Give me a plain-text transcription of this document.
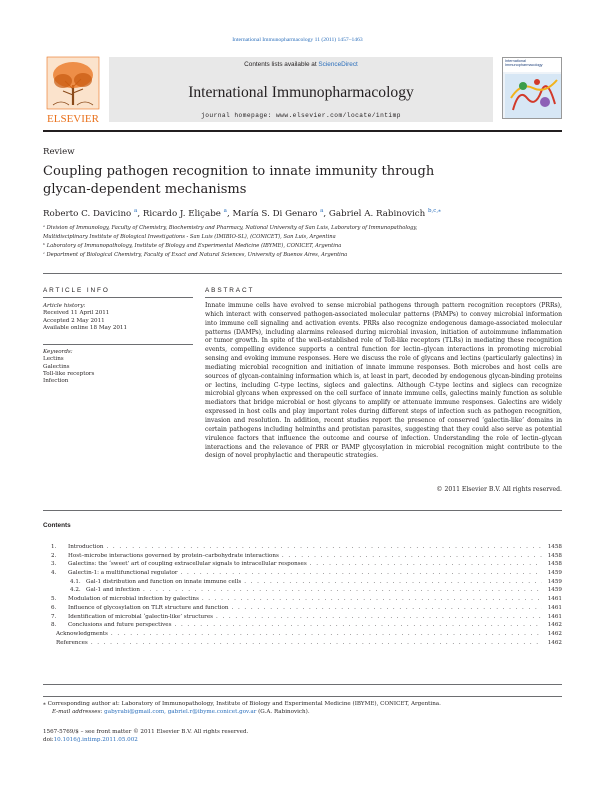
International Immunopharmacology 11 (2011) 1457–1463
ELSEVIER
Contents lists available at ScienceDirect
International Immunopharmacology
journal homepage: www.elsevier.com/locate/intimp
International Immunopharmacology
Review
Coupling pathogen recognition to innate immunity through
glycan-dependent mechanisms
Roberto C. Davicino $^a$, Ricardo J. Eliçabe $^a$, María S. Di Genaro $^a$, Gabriel A. Rabinovich $^{b,c,⁎}$
ᵃ Division of Immunology, Faculty of Chemistry, Biochemistry and Pharmacy, National University of San Luis, Laboratory of Immunopathology,
Multidisciplinary Institute of Biological Investigations - San Luis (IMIBIO-SL), (CONICET), San Luis, Argentina
ᵇ Laboratory of Immunopathology, Institute of Biology and Experimental Medicine (IBYME), CONICET, Argentina
ᶜ Department of Biological Chemistry, Faculty of Exact and Natural Sciences, University of Buenos Aires, Argentina
ARTICLE INFO
Article history:
Received 11 April 2011
Accepted 2 May 2011
Available online 18 May 2011
Keywords:
Lectins
Galectins
Toll-like receptors
Infection
ABSTRACT
Innate immune cells have evolved to sense microbial pathogens through pattern recognition receptors (PRRs), which interact with conserved pathogen-associated molecular patterns (PAMPs) to convey microbial information into immune cell signaling and activation events. PRRs also recognize endogenous damage-associated molecular patterns (DAMPs), including alarmins released during microbial invasion, initiation of autoimmune inflammation or tumor growth. In spite of the well-established role of Toll-like receptors (TLRs) in mediating these recognition events, compelling evidence supports a central function for lectin–glycan interactions in promoting microbial sensing and evoking immune responses. Here we discuss the role of glycans and lectins (particularly galectins) in mediating microbial recognition and initiation of innate immune responses. Both microbes and host cells are sources of glycan-containing information which is, at least in part, decoded by endogenous glycan-binding proteins or lectins, including C-type lectins, siglecs and galectins. Although C-type lectins and siglecs can recognize microbial glycans when expressed on the cell surface of innate immune cells, galectins mainly function as soluble mediators that bridge microbial or host glycans to amplify or attenuate immune responses. Galectins are widely expressed in host cells and play important roles during different steps of infection such as pathogen recognition, invasion and resolution. In addition, recent studies report the presence of conserved ‘galectin-like’ domains in certain pathogens including helminths and protistan parasites, suggesting that they could also serve as potential virulence factors that influence the outcome and course of infection. Understanding the role of lectin–glycan interactions and the relevance of PRR or PAMP glycosylation in microbial recognition might contribute to the design of novel prophylactic and therapeutic strategies.
© 2011 Elsevier B.V. All rights reserved.
Contents
1.	Introduction . . .	1458
2.	Host–microbe interactions governed by protein–carbohydrate interactions . . .	1458
3.	Galectins: the ‘sweet’ art of coupling extracellular signals to intracellular responses . . .	1458
4.	Galectin-1: a multifunctional regulator . . .	1459
4.1. Gal-1 distribution and function on innate immune cells . . .	1459
4.2. Gal-1 and infection . . .	1459
5.	Modulation of microbial infection by galectins . . .	1461
6.	Influence of glycosylation on TLR structure and function . . .	1461
7.	Identification of microbial ‘galectin-like’ structures . . .	1461
8.	Conclusions and future perspectives . . .	1462
Acknowledgments . . .	1462
References . . .	1462
⁎ Corresponding author at: Laboratory of Immunopathology, Institute of Biology and Experimental Medicine (IBYME), CONICET, Argentina.
E-mail addresses: gabyrabi@gmail.com, gabriel.r@ibyme.conicet.gov.ar (G.A. Rabinovich).
1567-5769/$ – see front matter © 2011 Elsevier B.V. All rights reserved.
doi:10.1016/j.intimp.2011.05.002
